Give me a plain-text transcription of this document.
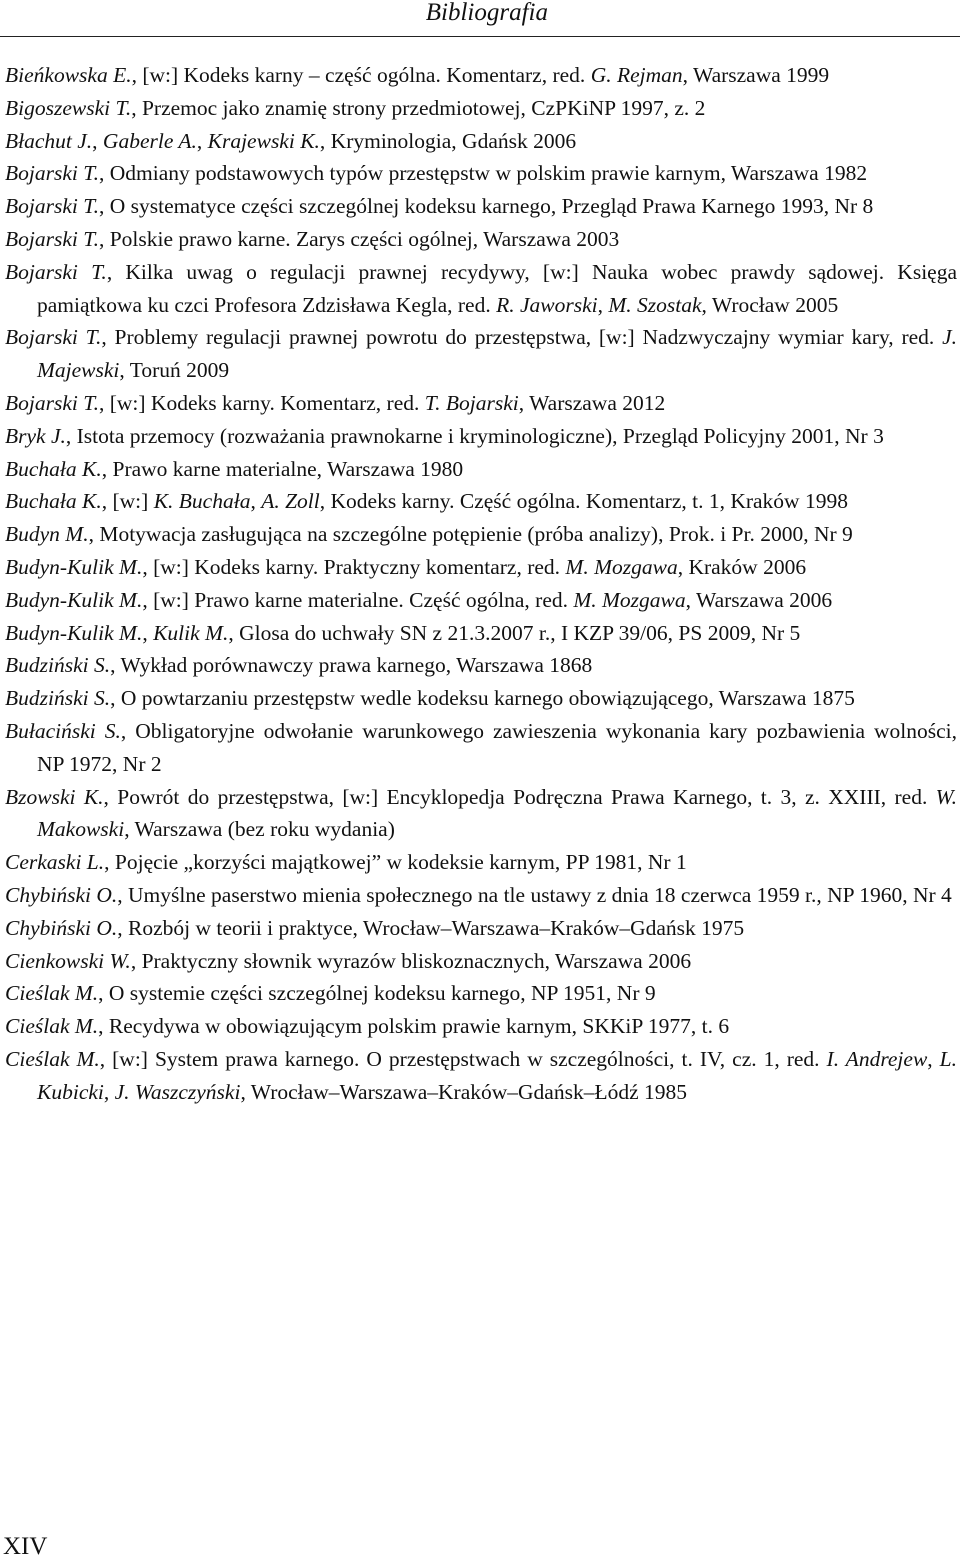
Bibliografia
Bieńkowska E., [w:] Kodeks karny – część ogólna. Komentarz, red. G. Rejman, Warszawa 1999
Bigoszewski T., Przemoc jako znamię strony przedmiotowej, CzPKiNP 1997, z. 2
Błachut J., Gaberle A., Krajewski K., Kryminologia, Gdańsk 2006
Bojarski T., Odmiany podstawowych typów przestępstw w polskim prawie karnym, Warszawa 1982
Bojarski T., O systematyce części szczególnej kodeksu karnego, Przegląd Prawa Karnego 1993, Nr 8
Bojarski T., Polskie prawo karne. Zarys części ogólnej, Warszawa 2003
Bojarski T., Kilka uwag o regulacji prawnej recydywy, [w:] Nauka wobec prawdy sądowej. Księga pamiątkowa ku czci Profesora Zdzisława Kegla, red. R. Jaworski, M. Szostak, Wrocław 2005
Bojarski T., Problemy regulacji prawnej powrotu do przestępstwa, [w:] Nadzwyczajny wymiar kary, red. J. Majewski, Toruń 2009
Bojarski T., [w:] Kodeks karny. Komentarz, red. T. Bojarski, Warszawa 2012
Bryk J., Istota przemocy (rozważania prawnokarne i kryminologiczne), Przegląd Policyjny 2001, Nr 3
Buchała K., Prawo karne materialne, Warszawa 1980
Buchała K., [w:] K. Buchała, A. Zoll, Kodeks karny. Część ogólna. Komentarz, t. 1, Kraków 1998
Budyn M., Motywacja zasługująca na szczególne potępienie (próba analizy), Prok. i Pr. 2000, Nr 9
Budyn-Kulik M., [w:] Kodeks karny. Praktyczny komentarz, red. M. Mozgawa, Kraków 2006
Budyn-Kulik M., [w:] Prawo karne materialne. Część ogólna, red. M. Mozgawa, Warszawa 2006
Budyn-Kulik M., Kulik M., Glosa do uchwały SN z 21.3.2007 r., I KZP 39/06, PS 2009, Nr 5
Budziński S., Wykład porównawczy prawa karnego, Warszawa 1868
Budziński S., O powtarzaniu przestępstw wedle kodeksu karnego obowiązującego, Warszawa 1875
Bułaciński S., Obligatoryjne odwołanie warunkowego zawieszenia wykonania kary pozbawienia wolności, NP 1972, Nr 2
Bzowski K., Powrót do przestępstwa, [w:] Encyklopedja Podręczna Prawa Karnego, t. 3, z. XXIII, red. W. Makowski, Warszawa (bez roku wydania)
Cerkaski L., Pojęcie „korzyści majątkowej” w kodeksie karnym, PP 1981, Nr 1
Chybiński O., Umyślne paserstwo mienia społecznego na tle ustawy z dnia 18 czerwca 1959 r., NP 1960, Nr 4
Chybiński O., Rozbój w teorii i praktyce, Wrocław–Warszawa–Kraków–Gdańsk 1975
Cienkowski W., Praktyczny słownik wyrazów bliskoznacznych, Warszawa 2006
Cieślak M., O systemie części szczególnej kodeksu karnego, NP 1951, Nr 9
Cieślak M., Recydywa w obowiązującym polskim prawie karnym, SKKiP 1977, t. 6
Cieślak M., [w:] System prawa karnego. O przestępstwach w szczególności, t. IV, cz. 1, red. I. Andrejew, L. Kubicki, J. Waszczyński, Wrocław–Warszawa–Kraków–Gdańsk–Łódź 1985
XIV
